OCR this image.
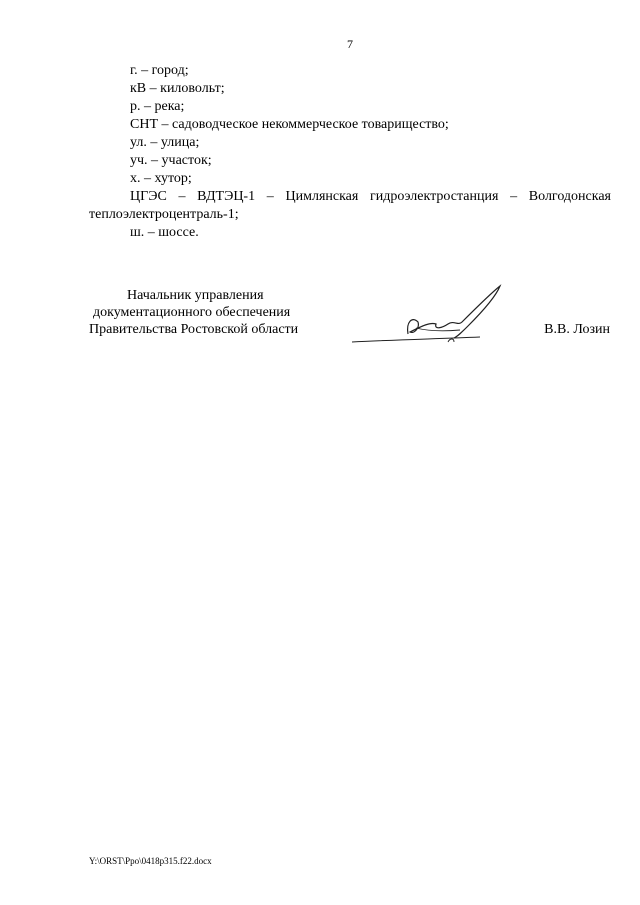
7

г. – город;

кВ – киловольт;

р. – река;

СНТ – садоводческое некоммерческое товарищество;

ул. – улица;

уч. – участок;

х. – хутор;

ЦГЭС – ВДТЭЦ-1 – Цимлянская гидроэлектростанция – Волгодонская теплоэлектроцентраль-1;

ш. – шоссе.

Начальник управления
документационного обеспечения
Правительства Ростовской области	В.В. Лозин
Y:\ORST\Ppo\0418p315.f22.docx
